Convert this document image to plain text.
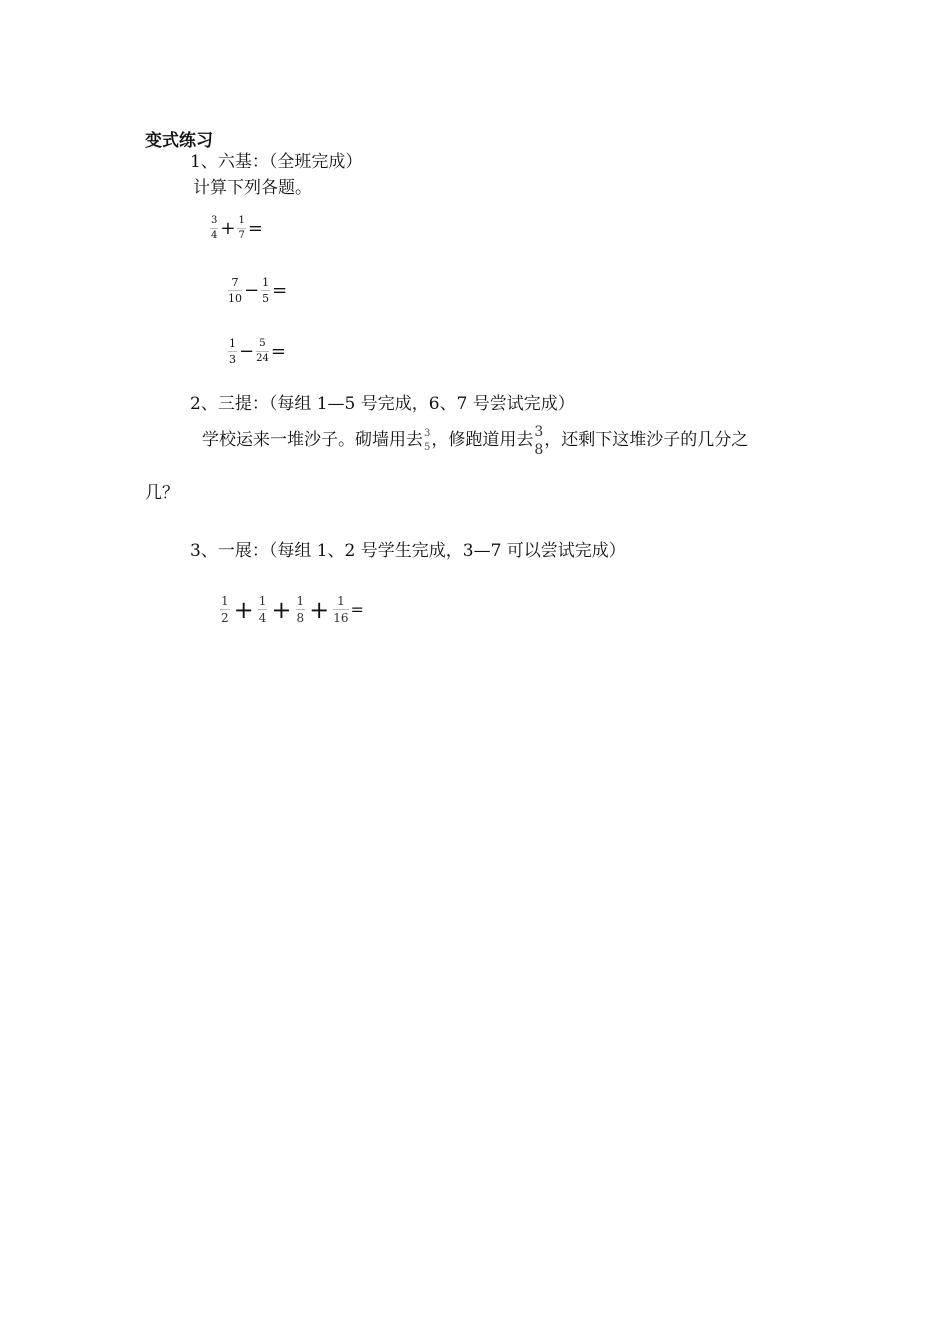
变式练习
1、六基：（全班完成）
计算下列各题。
$\frac{3}{4} + \frac{1}{7}$ =
$\frac{7}{10} - \frac{1}{5}$ =
$\frac{1}{3} - \frac{5}{24}$ =
2、三提：（每组 1—5 号完成，6、7 号尝试完成）
学校运来一堆沙子。砌墙用去 3
5 ，修跑道用去 3
8 ，还剩下这堆沙子的几分之
几？
3、一展：（每组 1、2 号学生完成，3—7 可以尝试完成）
$\frac{1}{2} + \frac{1}{4} + \frac{1}{8} + \frac{1}{16}$ =
